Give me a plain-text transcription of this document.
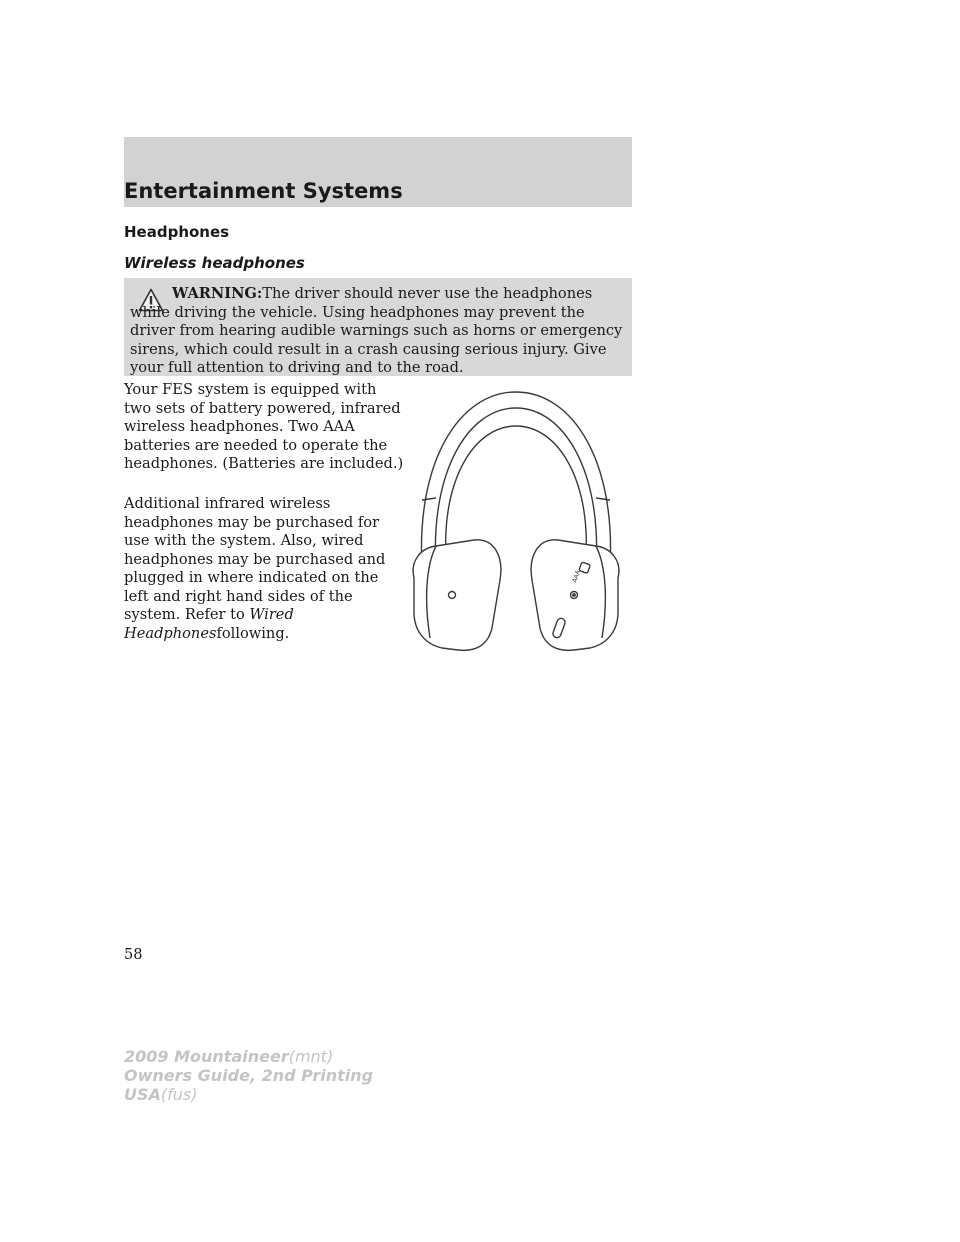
Entertainment Systems
Headphones
Wireless headphones
WARNING:The driver should never use the headphones while driving the vehicle. Using headphones may prevent the driver from hearing audible warnings such as horns or emergency sirens, which could result in a crash causing serious injury. Give your full attention to driving and to the road.

Your FES system is equipped with two sets of battery powered, infrared wireless headphones. Two AAA batteries are needed to operate the headphones. (Batteries are included.)

Additional infrared wireless headphones may be purchased for use with the system. Also, wired headphones may be purchased and plugged in where indicated on the left and right hand sides of the system. Refer to Wired Headphonesfollowing.

AAA
58
2009 Mountaineer(mnt)
Owners Guide, 2nd Printing
USA(fus)
